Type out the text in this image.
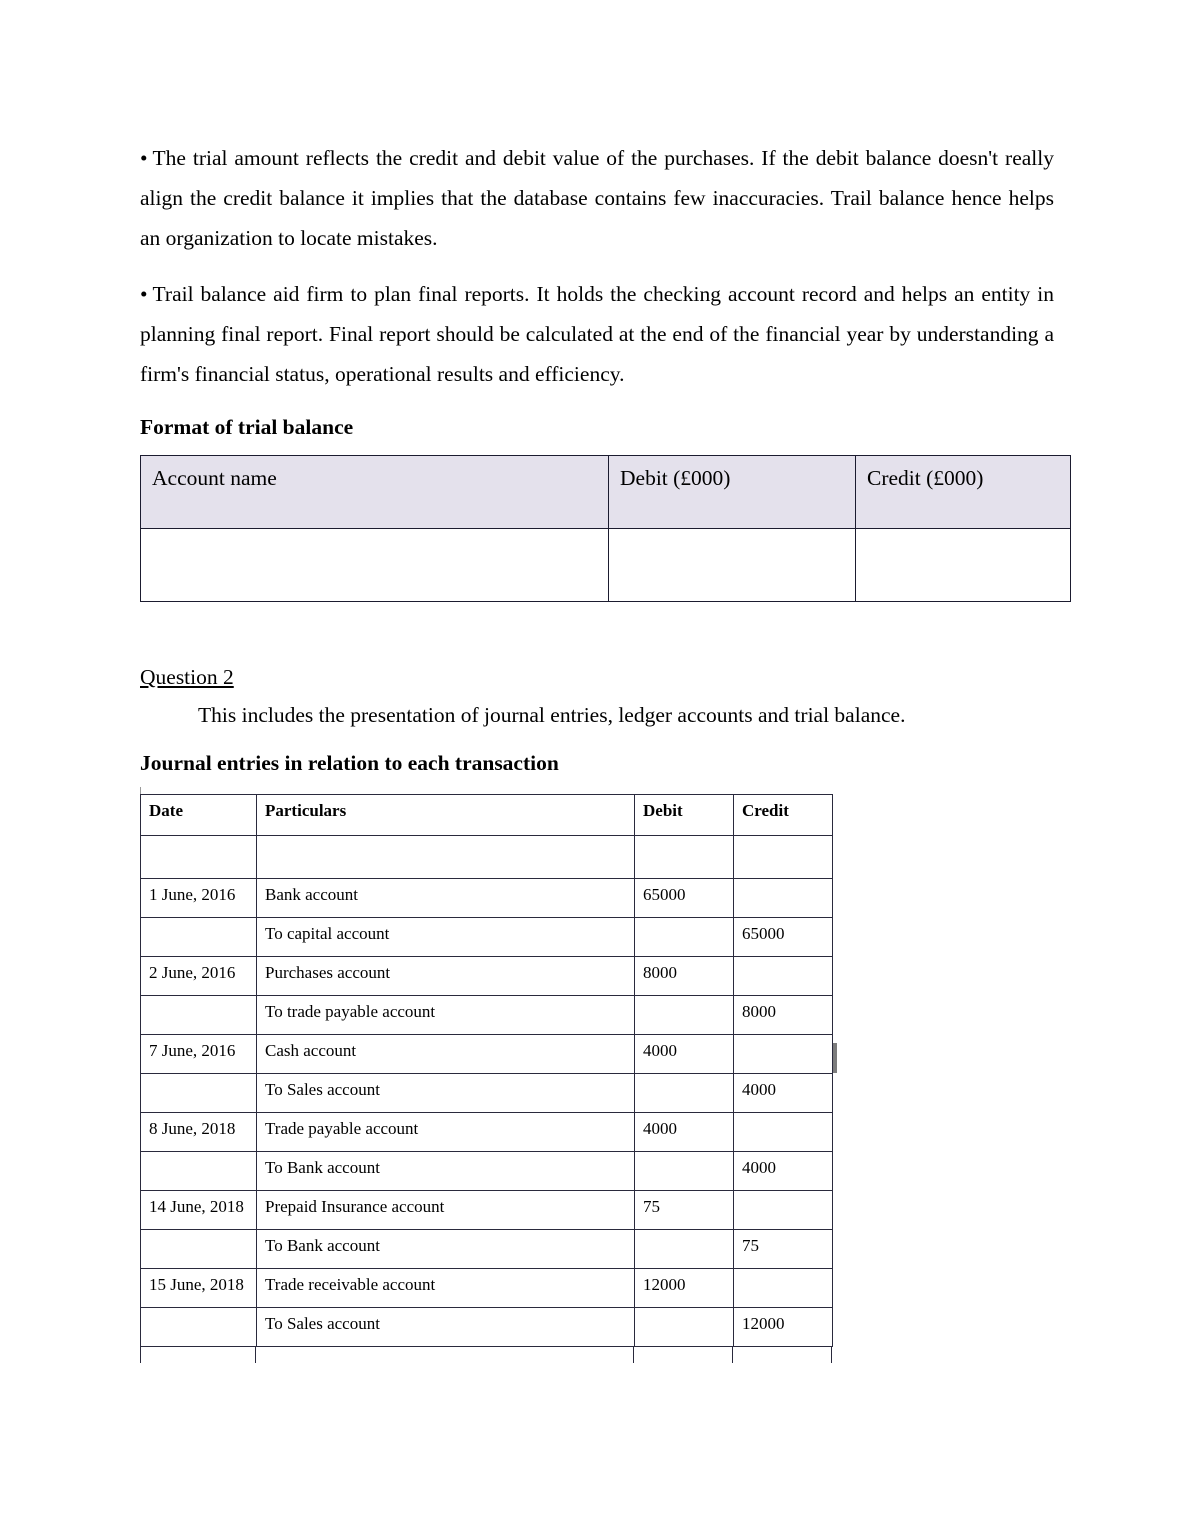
• The trial amount reflects the credit and debit value of the purchases. If the debit balance doesn't really align the credit balance it implies that the database contains few inaccuracies. Trail balance hence helps an organization to locate mistakes.

• Trail balance aid firm to plan final reports. It holds the checking account record and helps an entity in planning final report. Final report should be calculated at the end of the financial year by understanding a firm's financial status, operational results and efficiency.

Format of trial balance

Account name	Debit (£000)	Credit (£000)

Question 2

This includes the presentation of journal entries, ledger accounts and trial balance.

Journal entries in relation to each transaction

Date	Particulars	Debit	Credit

1 June, 2016	Bank account	65000	
	To capital account		65000
2 June, 2016	Purchases account	8000	
	To trade payable account		8000
7 June, 2016	Cash account	4000	
	To Sales account		4000
8 June, 2018	Trade payable account	4000	
	To Bank account		4000
14 June, 2018	Prepaid Insurance account	75	
	To Bank account		75
15 June, 2018	Trade receivable account	12000	
	To Sales account		12000
